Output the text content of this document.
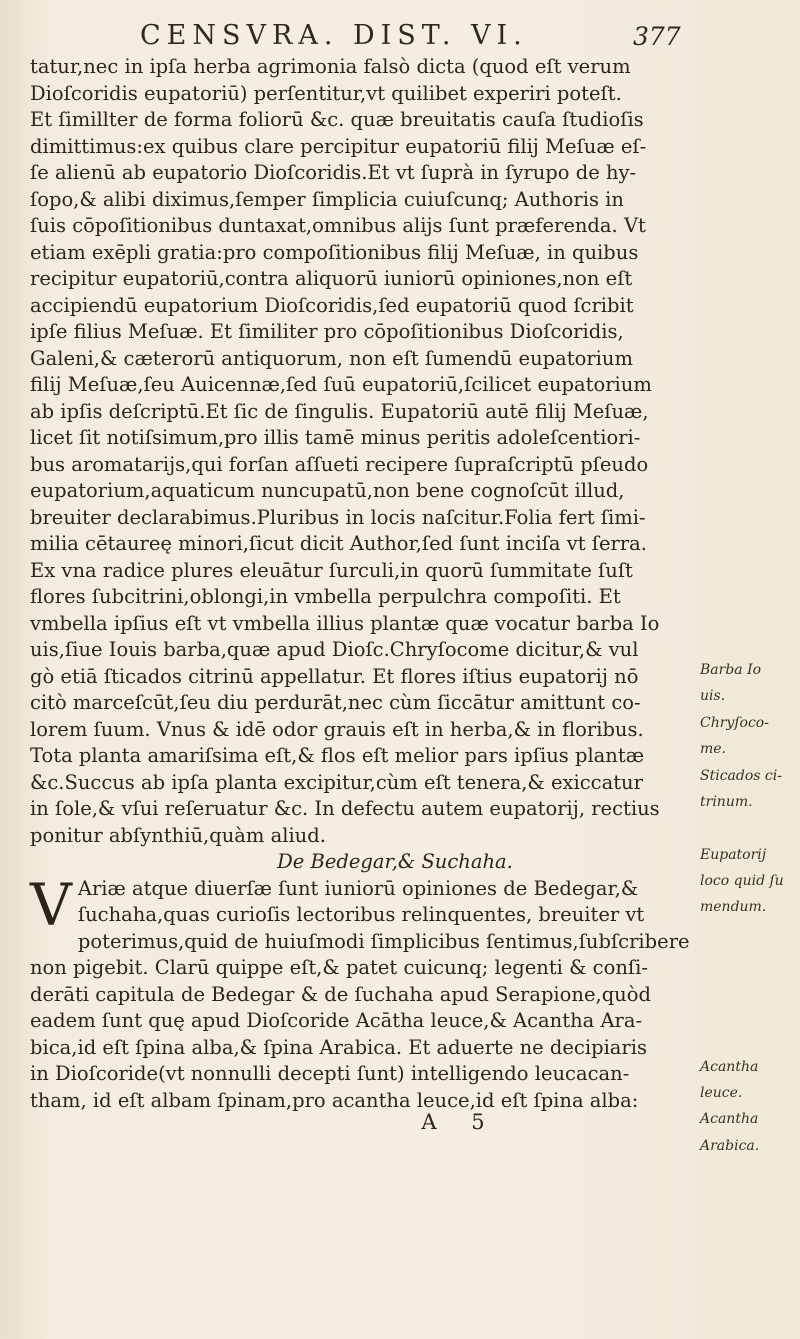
CENSVRA. DIST. VI.	377
tatur,nec in ipſa herba agrimonia falsò dicta (quod eſt verum
Dioſcoridis eupatoriū) perſentitur,vt quilibet experiri poteſt.
Et ſimillter de forma foliorū &c. quæ breuitatis cauſa ſtudioſis
dimittimus:ex quibus clare percipitur eupatoriū filij Meſuæ eſ-
ſe alienū ab eupatorio Dioſcoridis.Et vt ſuprà in ſyrupo de hy-
ſopo,& alibi diximus,ſemper ſimplicia cuiuſcunq; Authoris in
ſuis cōpoſitionibus duntaxat,omnibus alijs ſunt præferenda. Vt
etiam exēpli gratia:pro compoſitionibus filij Meſuæ, in quibus
recipitur eupatoriū,contra aliquorū iuniorū opiniones,non eſt
accipiendū eupatorium Dioſcoridis,ſed eupatoriū quod ſcribit
ipſe filius Meſuæ. Et ſimiliter pro cōpoſitionibus Dioſcoridis,
Galeni,& cæterorū antiquorum, non eſt ſumendū eupatorium
filij Meſuæ,ſeu Auicennæ,ſed ſuū eupatoriū,ſcilicet eupatorium
ab ipſis deſcriptū.Et ſic de ſingulis. Eupatoriū autē filij Meſuæ,
licet ſit notiſsimum,pro illis tamē minus peritis adoleſcentiori-
bus aromatarijs,qui forſan aſſueti recipere ſupraſcriptū pſeudo
eupatorium,aquaticum nuncupatū,non bene cognoſcūt illud,
breuiter declarabimus.Pluribus in locis naſcitur.Folia fert ſimi-
milia cētaureę minori,ſicut dicit Author,ſed ſunt inciſa vt ſerra.
Ex vna radice plures eleuātur ſurculi,in quorū ſummitate ſuſt
flores ſubcitrini,oblongi,in vmbella perpulchra compoſiti. Et
vmbella ipſius eſt vt vmbella illius plantæ quæ vocatur barba Io
uis,ſiue Iouis barba,quæ apud Dioſc.Chryſocome dicitur,& vul
gò etiā ſticados citrinū appellatur. Et flores iſtius eupatorij nō
citò marceſcūt,ſeu diu perdurāt,nec cùm ſiccātur amittunt co-
lorem ſuum. Vnus & idē odor grauis eſt in herba,& in floribus.
Tota planta amariſsima eſt,& flos eſt melior pars ipſius plantæ
&c.Succus ab ipſa planta excipitur,cùm eſt tenera,& exiccatur
in ſole,& vſui reſeruatur &c. In defectu autem eupatorij, rectius
ponitur abſynthiū,quàm aliud.
De Bedegar,& Suchaha.
V Ariæ atque diuerſæ ſunt iuniorū opiniones de Bedegar,&
ſuchaha,quas curioſis lectoribus relinquentes, breuiter vt
poterimus,quid de huiuſmodi ſimplicibus ſentimus,ſubſcribere
non pigebit. Clarū quippe eſt,& patet cuicunq; legenti & conſi-
derāti capitula de Bedegar & de ſuchaha apud Serapione,quòd
eadem ſunt quę apud Dioſcoride Acātha leuce,& Acantha Ara-
bica,id eſt ſpina alba,& ſpina Arabica. Et aduerte ne decipiaris
in Dioſcoride(vt nonnulli decepti ſunt) intelligendo leucacan-
tham, id eſt albam ſpinam,pro acantha leuce,id eſt ſpina alba:
Barba Io
uis.
Chryſoco-
me.
Sticados ci-
trinum.
Eupatorij
loco quid ſu
mendum.
Acantha
leuce.
Acantha
Arabica.
A 5
